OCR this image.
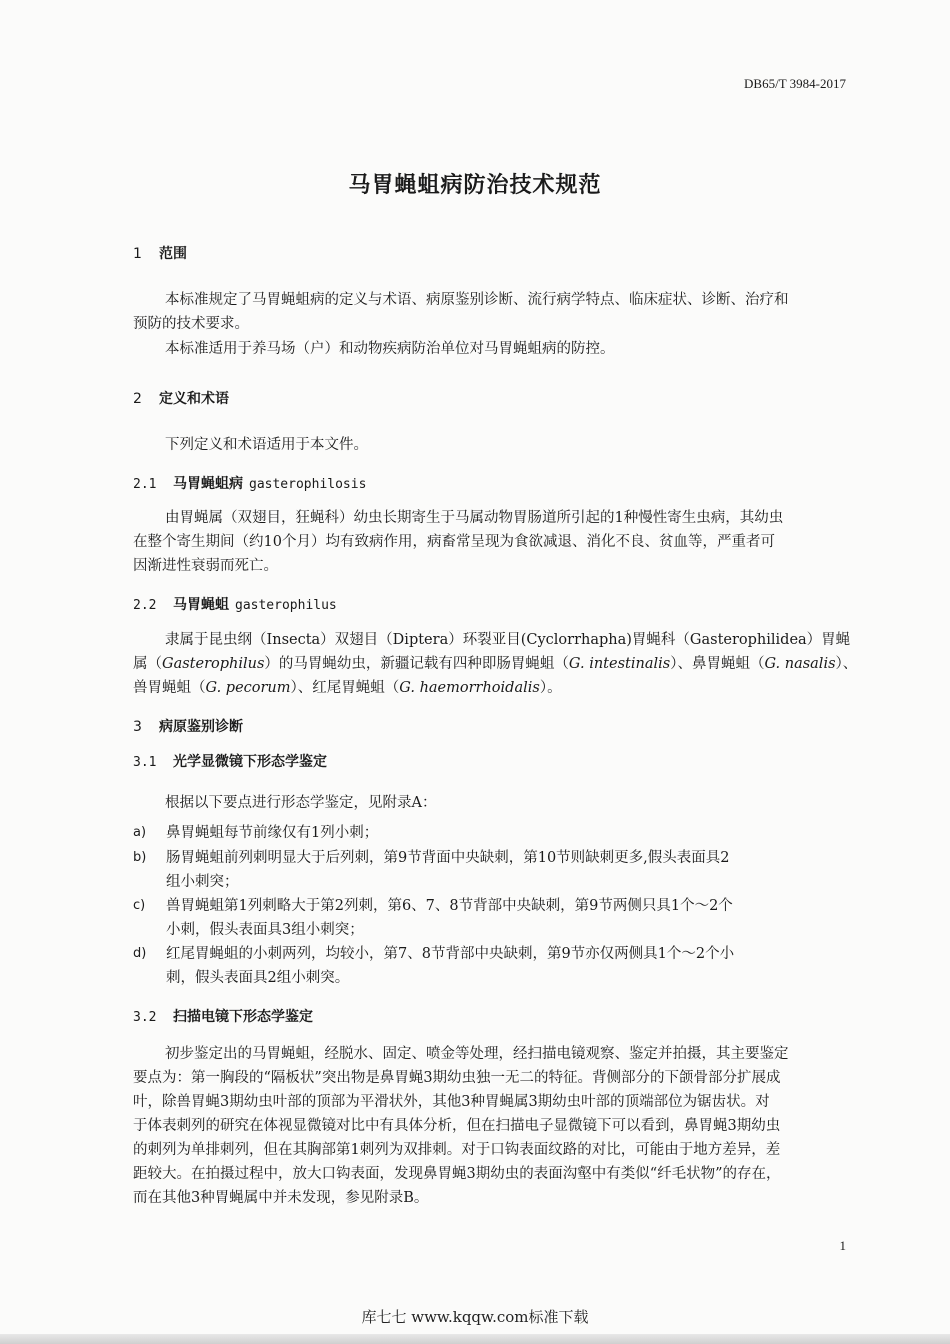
DB65/T 3984-2017
马胃蝇蛆病防治技术规范
1 范围
本标准规定了马胃蝇蛆病的定义与术语、病原鉴别诊断、流行病学特点、临床症状、诊断、治疗和
预防的技术要求。
本标准适用于养马场（户）和动物疾病防治单位对马胃蝇蛆病的防控。
2 定义和术语
下列定义和术语适用于本文件。
2.1 马胃蝇蛆病 gasterophilosis
由胃蝇属（双翅目，狂蝇科）幼虫长期寄生于马属动物胃肠道所引起的1种慢性寄生虫病，其幼虫
在整个寄生期间（约10个月）均有致病作用，病畜常呈现为食欲减退、消化不良、贫血等，严重者可
因渐进性衰弱而死亡。
2.2 马胃蝇蛆 gasterophilus
隶属于昆虫纲（Insecta）双翅目（Diptera）环裂亚目(Cyclorrhapha)胃蝇科（Gasterophilidea）胃蝇
属（Gasterophilus）的马胃蝇幼虫，新疆记载有四种即肠胃蝇蛆（G. intestinalis）、鼻胃蝇蛆（G. nasalis）、
兽胃蝇蛆（G. pecorum）、红尾胃蝇蛆（G. haemorrhoidalis）。
3 病原鉴别诊断
3.1 光学显微镜下形态学鉴定
根据以下要点进行形态学鉴定，见附录A：
a) 鼻胃蝇蛆每节前缘仅有1列小刺；
b) 肠胃蝇蛆前列刺明显大于后列刺，第9节背面中央缺刺，第10节则缺刺更多,假头表面具2
组小刺突；
c) 兽胃蝇蛆第1列刺略大于第2列刺，第6、7、8节背部中央缺刺，第9节两侧只具1个～2个
小刺，假头表面具3组小刺突；
d) 红尾胃蝇蛆的小刺两列，均较小，第7、8节背部中央缺刺，第9节亦仅两侧具1个～2个小
刺，假头表面具2组小刺突。
3.2 扫描电镜下形态学鉴定
初步鉴定出的马胃蝇蛆，经脱水、固定、喷金等处理，经扫描电镜观察、鉴定并拍摄，其主要鉴定
要点为：第一胸段的“隔板状”突出物是鼻胃蝇3期幼虫独一无二的特征。背侧部分的下颌骨部分扩展成
叶，除兽胃蝇3期幼虫叶部的顶部为平滑状外，其他3种胃蝇属3期幼虫叶部的顶端部位为锯齿状。对
于体表刺列的研究在体视显微镜对比中有具体分析，但在扫描电子显微镜下可以看到，鼻胃蝇3期幼虫
的刺列为单排刺列，但在其胸部第1刺列为双排刺。对于口钩表面纹路的对比，可能由于地方差异，差
距较大。在拍摄过程中，放大口钩表面，发现鼻胃蝇3期幼虫的表面沟壑中有类似“纤毛状物”的存在，
而在其他3种胃蝇属中并未发现，参见附录B。
1
库七七 www.kqqw.com标准下载
